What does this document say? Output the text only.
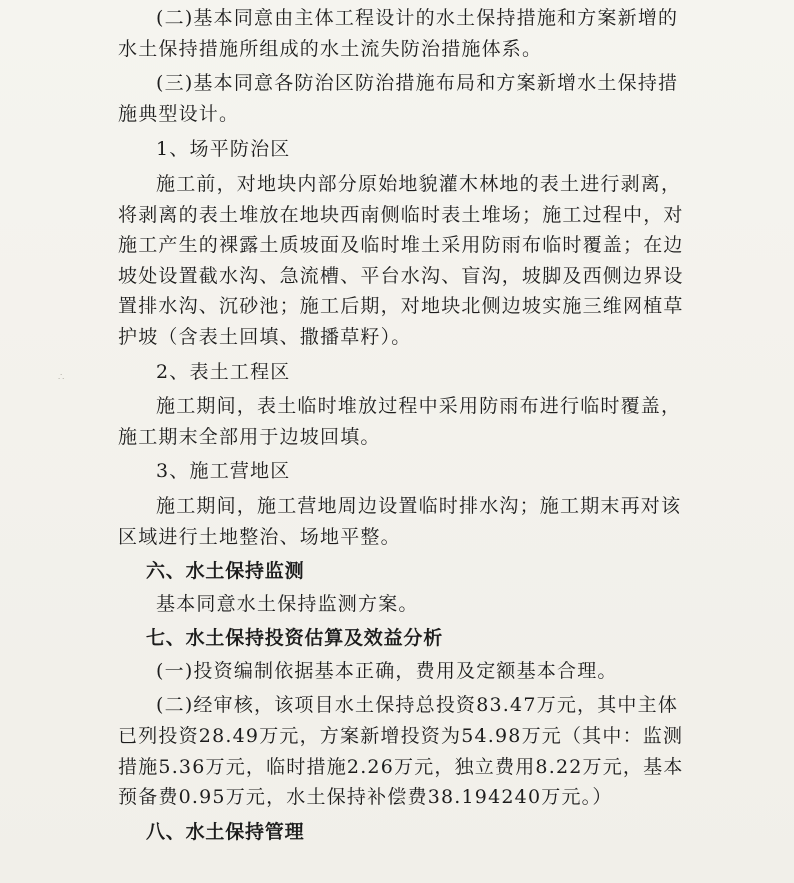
∴

(二)基本同意由主体工程设计的水土保持措施和方案新增的水土保持措施所组成的水土流失防治措施体系。

(三)基本同意各防治区防治措施布局和方案新增水土保持措 施典型设计。

1、场平防治区

施工前，对地块内部分原始地貌灌木林地的表土进行剥离，将剥离的表土堆放在地块西南侧临时表土堆场；施工过程中，对施工产生的裸露土质坡面及临时堆土采用防雨布临时覆盖；在边坡处设置截水沟、急流槽、平台水沟、盲沟，坡脚及西侧边界设置排水沟、沉砂池；施工后期，对地块北侧边坡实施三维网植草护坡（含表土回填、撒播草籽）。

2、表土工程区

施工期间，表土临时堆放过程中采用防雨布进行临时覆盖，施工期末全部用于边坡回填。

3、施工营地区

施工期间，施工营地周边设置临时排水沟；施工期末再对该区域进行土地整治、场地平整。

六、水土保持监测

基本同意水土保持监测方案。

七、水土保持投资估算及效益分析

(一)投资编制依据基本正确，费用及定额基本合理。

(二)经审核，该项目水土保持总投资83.47万元，其中主体已列投资28.49万元，方案新增投资为54.98万元（其中：监测措施5.36万元，临时措施2.26万元，独立费用8.22万元，基本预备费0.95万元，水土保持补偿费38.194240万元。）

八、水土保持管理
